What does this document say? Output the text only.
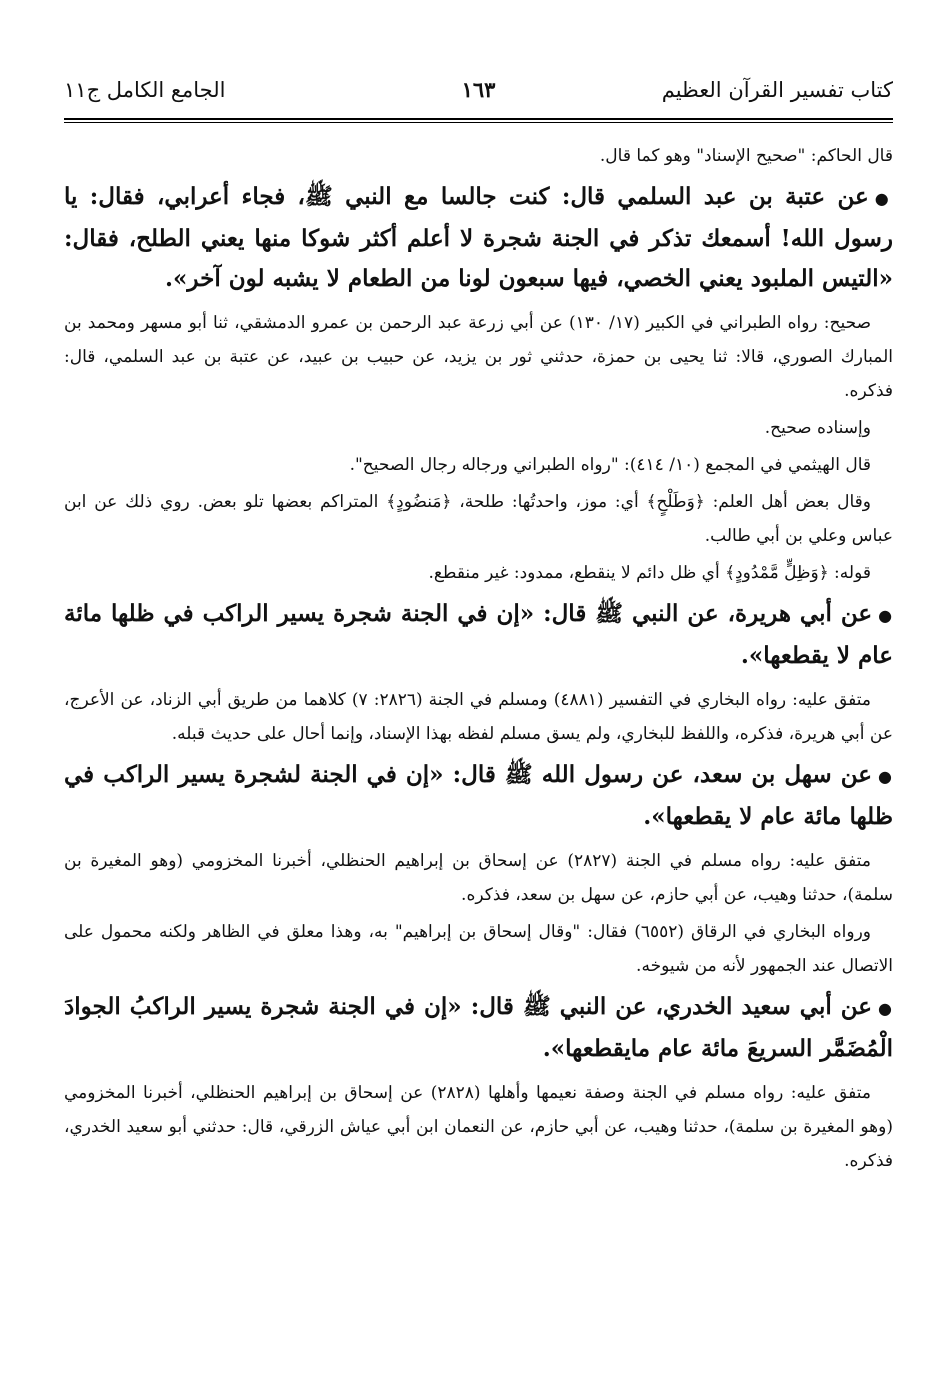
كتاب تفسير القرآن العظيم
١٦٣
الجامع الكامل ج١١

قال الحاكم: "صحيح الإسناد" وهو كما قال.

●عن عتبة بن عبد السلمي قال: كنت جالسا مع النبي ﷺ، فجاء أعرابي، فقال: يا رسول الله! أسمعك تذكر في الجنة شجرة لا أعلم أكثر شوكا منها يعني الطلح، فقال: «التيس الملبود يعني الخصي، فيها سبعون لونا من الطعام لا يشبه لون آخر».

صحيح: رواه الطبراني في الكبير (١٧/ ١٣٠) عن أبي زرعة عبد الرحمن بن عمرو الدمشقي، ثنا أبو مسهر ومحمد بن المبارك الصوري، قالا: ثنا يحيى بن حمزة، حدثني ثور بن يزيد، عن حبيب بن عبيد، عن عتبة بن عبد السلمي، قال: فذكره.

وإسناده صحيح.

قال الهيثمي في المجمع (١٠/ ٤١٤): "رواه الطبراني ورجاله رجال الصحيح".

وقال بعض أهل العلم: ﴿وَطَلْحٍ﴾ أي: موز، واحدتُها: طلحة، ﴿مَنضُودٍ﴾ المتراكم بعضها تلو بعض. روي ذلك عن ابن عباس وعلي بن أبي طالب.

قوله: ﴿وَظِلٍّ مَّمْدُودٍ﴾ أي ظل دائم لا ينقطع، ممدود: غير منقطع.

●عن أبي هريرة، عن النبي ﷺ قال: «إن في الجنة شجرة يسير الراكب في ظلها مائة عام لا يقطعها».

متفق عليه: رواه البخاري في التفسير (٤٨٨١) ومسلم في الجنة (٢٨٢٦: ٧) كلاهما من طريق أبي الزناد، عن الأعرج، عن أبي هريرة، فذكره، واللفظ للبخاري، ولم يسق مسلم لفظه بهذا الإسناد، وإنما أحال على حديث قبله.

●عن سهل بن سعد، عن رسول الله ﷺ قال: «إن في الجنة لشجرة يسير الراكب في ظلها مائة عام لا يقطعها».

متفق عليه: رواه مسلم في الجنة (٢٨٢٧) عن إسحاق بن إبراهيم الحنظلي، أخبرنا المخزومي (وهو المغيرة بن سلمة)، حدثنا وهيب، عن أبي حازم، عن سهل بن سعد، فذكره.

ورواه البخاري في الرقاق (٦٥٥٢) فقال: "وقال إسحاق بن إبراهيم" به، وهذا معلق في الظاهر ولكنه محمول على الاتصال عند الجمهور لأنه من شيوخه.

●عن أبي سعيد الخدري، عن النبي ﷺ قال: «إن في الجنة شجرة يسير الراكبُ الجوادَ الْمُضَمَّر السريعَ مائة عام مايقطعها».

متفق عليه: رواه مسلم في الجنة وصفة نعيمها وأهلها (٢٨٢٨) عن إسحاق بن إبراهيم الحنظلي، أخبرنا المخزومي (وهو المغيرة بن سلمة)، حدثنا وهيب، عن أبي حازم، عن النعمان ابن أبي عياش الزرقي، قال: حدثني أبو سعيد الخدري، فذكره.
